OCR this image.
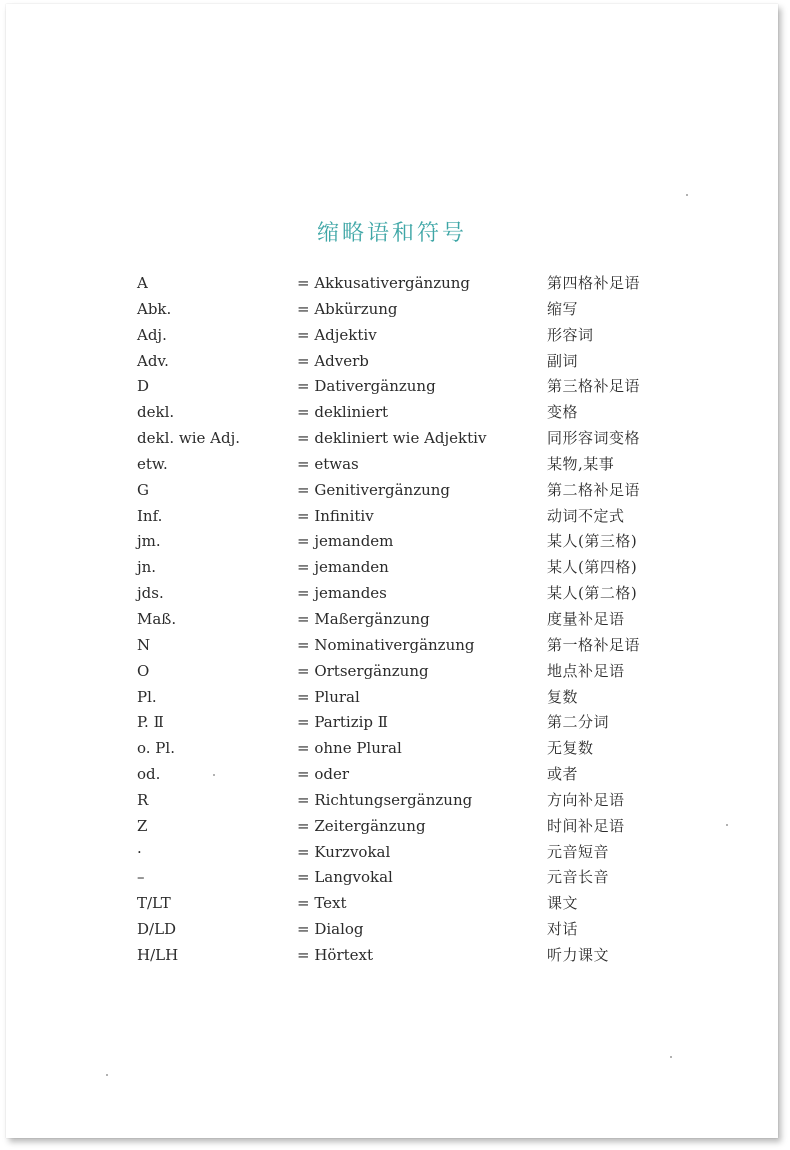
缩略语和符号
A	= Akkusativergänzung	第四格补足语
Abk.	= Abkürzung	缩写
Adj.	= Adjektiv	形容词
Adv.	= Adverb	副词
D	= Dativergänzung	第三格补足语
dekl.	= dekliniert	变格
dekl. wie Adj.	= dekliniert wie Adjektiv	同形容词变格
etw.	= etwas	某物,某事
G	= Genitivergänzung	第二格补足语
Inf.	= Infinitiv	动词不定式
jm.	= jemandem	某人(第三格)
jn.	= jemanden	某人(第四格)
jds.	= jemandes	某人(第二格)
Maß.	= Maßergänzung	度量补足语
N	= Nominativergänzung	第一格补足语
O	= Ortsergänzung	地点补足语
Pl.	= Plural	复数
P. Ⅱ	= Partizip Ⅱ	第二分词
o. Pl.	= ohne Plural	无复数
od.	= oder	或者
R	= Richtungsergänzung	方向补足语
Z	= Zeitergänzung	时间补足语
·	= Kurzvokal	元音短音
–	= Langvokal	元音长音
T/LT	= Text	课文
D/LD	= Dialog	对话
H/LH	= Hörtext	听力课文
